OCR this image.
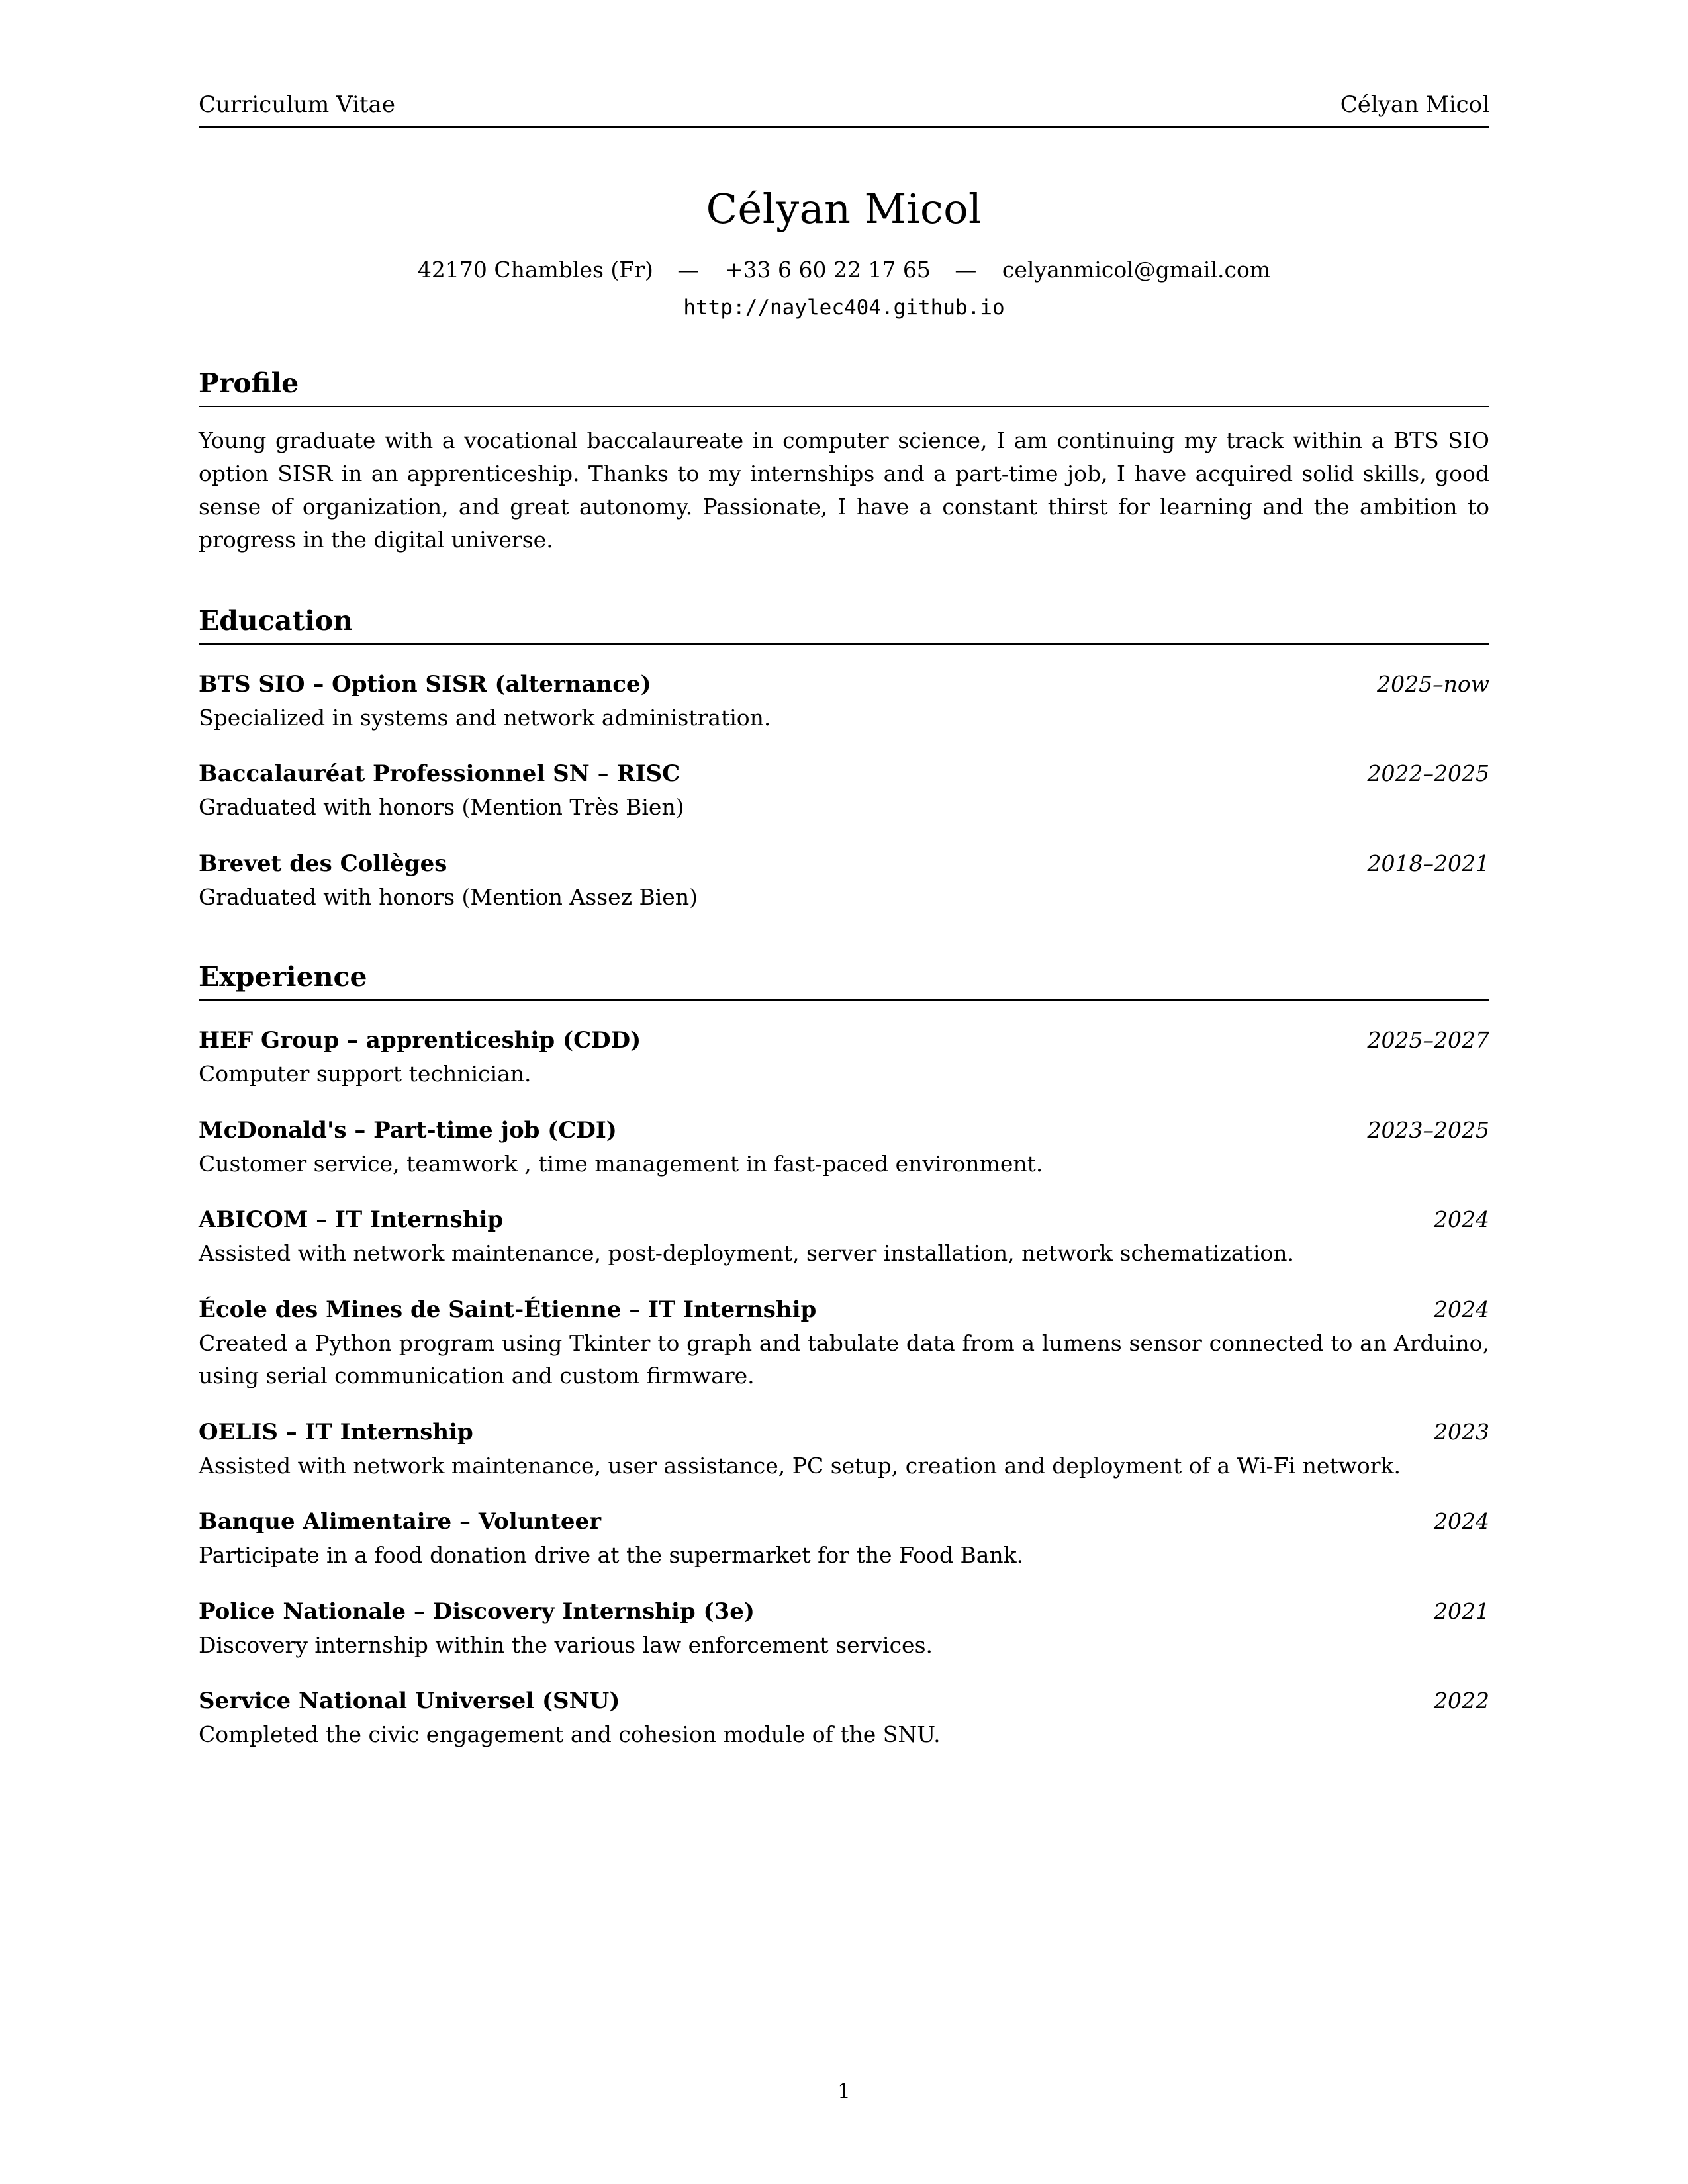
Curriculum Vitae	Célyan Micol
Célyan Micol
42170 Chambles (Fr) — +33 6 60 22 17 65 — celyanmicol@gmail.com
http://naylec404.github.io
Profile

Young graduate with a vocational baccalaureate in computer science, I am continuing my track within a BTS SIO option SISR in an apprenticeship. Thanks to my internships and a part-time job, I have acquired solid skills, good sense of organization, and great autonomy. Passionate, I have a constant thirst for learning and the ambition to progress in the digital universe.

Education
BTS SIO – Option SISR (alternance)	2025–now
Specialized in systems and network administration.
Baccalauréat Professionnel SN – RISC	2022–2025
Graduated with honors (Mention Très Bien)
Brevet des Collèges	2018–2021
Graduated with honors (Mention Assez Bien)
Experience
HEF Group – apprenticeship (CDD)	2025–2027
Computer support technician.
McDonald's – Part-time job (CDI)	2023–2025
Customer service, teamwork , time management in fast-paced environment.
ABICOM – IT Internship	2024
Assisted with network maintenance, post-deployment, server installation, network schematization.
École des Mines de Saint-Étienne – IT Internship	2024
Created a Python program using Tkinter to graph and tabulate data from a lumens sensor connected to an Arduino, using serial communication and custom firmware.
OELIS – IT Internship	2023
Assisted with network maintenance, user assistance, PC setup, creation and deployment of a Wi-Fi network.
Banque Alimentaire – Volunteer	2024
Participate in a food donation drive at the supermarket for the Food Bank.
Police Nationale – Discovery Internship (3e)	2021
Discovery internship within the various law enforcement services.
Service National Universel (SNU)	2022
Completed the civic engagement and cohesion module of the SNU.
1
